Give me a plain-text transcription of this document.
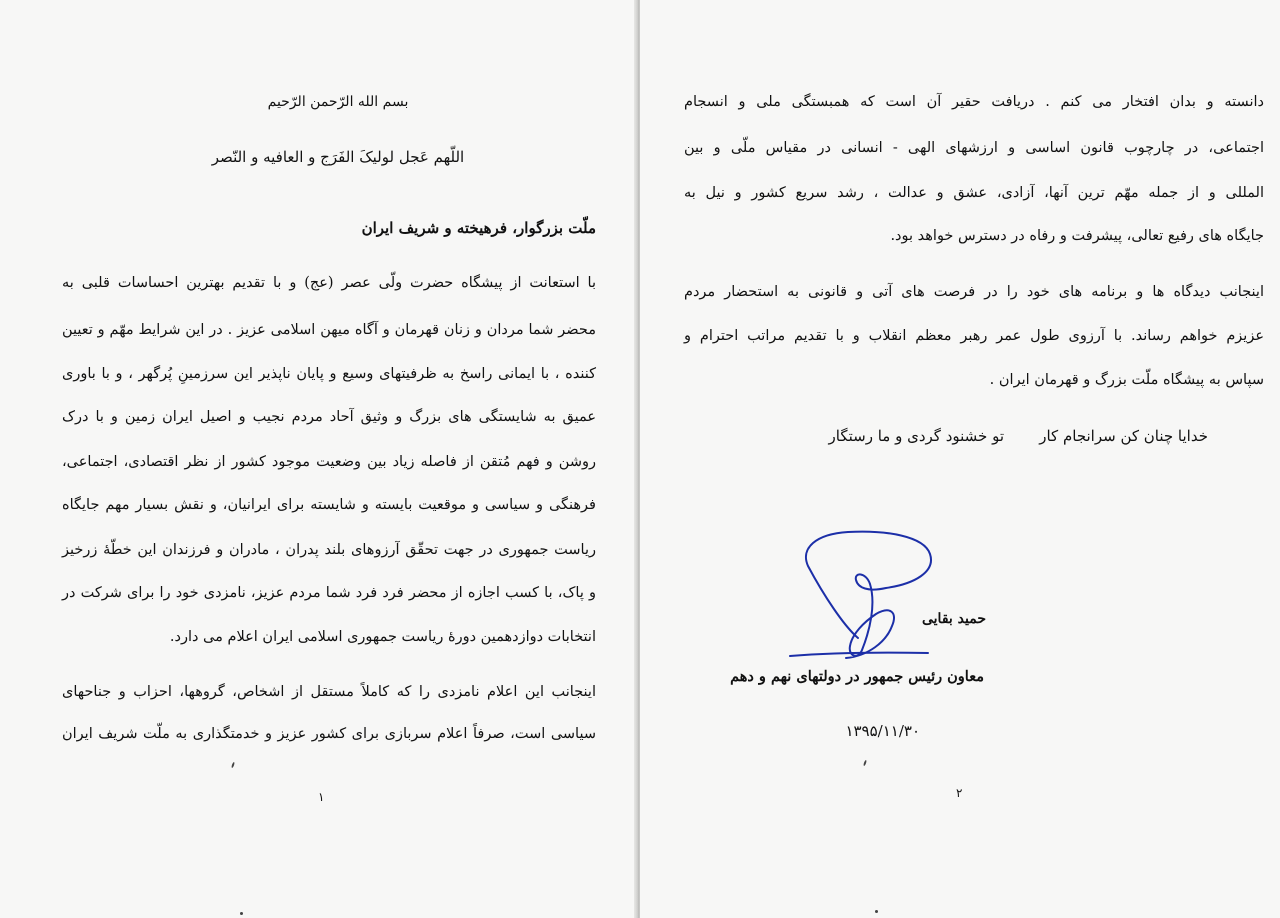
بسم الله الرّحمن الرّحیم
اللّهم عَجل لولیکَ الفَرَج و العافیه و النّصر
ملّت بزرگوار، فرهیخته و شریف ایران
با استعانت از پیشگاه حضرت ولّی عصر (عج) و با تقدیم بهترین احساسات قلبی به
محضر شما مردان و زنان قهرمان و آگاه میهن اسلامی عزیز . در این شرایط مهّم و تعیین
کننده ، با ایمانی راسخ به ظرفیتهای وسیع و پایان ناپذیر این سرزمینِ پُرگهر ، و با باوری
عمیق به شایستگی های بزرگ و وثیق آحاد مردم نجیب و اصیل ایران زمین و با درک
روشن و فهم مُتقن از فاصله زیاد بین وضعیت موجود کشور از نظر اقتصادی، اجتماعی،
فرهنگی و سیاسی و موقعیت بایسته و شایسته برای ایرانیان، و نقش بسیار مهم جایگاه
ریاست جمهوری در جهت تحقّق آرزوهای بلند پدران ، مادران و فرزندان این خطّهٔ زرخیز
و پاک، با کسب اجازه از محضر فرد فرد شما مردم عزیز، نامزدی خود را برای شرکت در
انتخابات دوازدهمین دورهٔ ریاست جمهوری اسلامی ایران اعلام می دارد.
اینجانب این اعلام نامزدی را که کاملاً مستقل از اشخاص، گروهها، احزاب و جناحهای
سیاسی است، صرفاً اعلام سربازی برای کشور عزیز و خدمتگذاری به ملّت شریف ایران
۱
دانسته و بدان افتخار می کنم . دریافت حقیر آن است که همبستگی ملی و انسجام
اجتماعی، در چارچوب قانون اساسی و ارزشهای الهی - انسانی در مقیاس ملّی و بین
المللی و از جمله مهّم ترین آنها، آزادی، عشق و عدالت ، رشد سریع کشور و نیل به
جایگاه های رفیع تعالی، پیشرفت و رفاه در دسترس خواهد بود.
اینجانب دیدگاه ها و برنامه های خود را در فرصت های آتی و قانونی به استحضار مردم
عزیزم خواهم رساند. با آرزوی طول عمر رهبر معظم انقلاب و با تقدیم مراتب احترام و
سپاس به پیشگاه ملّت بزرگ و قهرمان ایران .
خدایا چنان کن سرانجام کار
تو خشنود گردی و ما رستگار
حمید بقایی
معاون رئیس جمهور در دولتهای نهم و دهم
۱۳۹۵/۱۱/۳۰
۲
